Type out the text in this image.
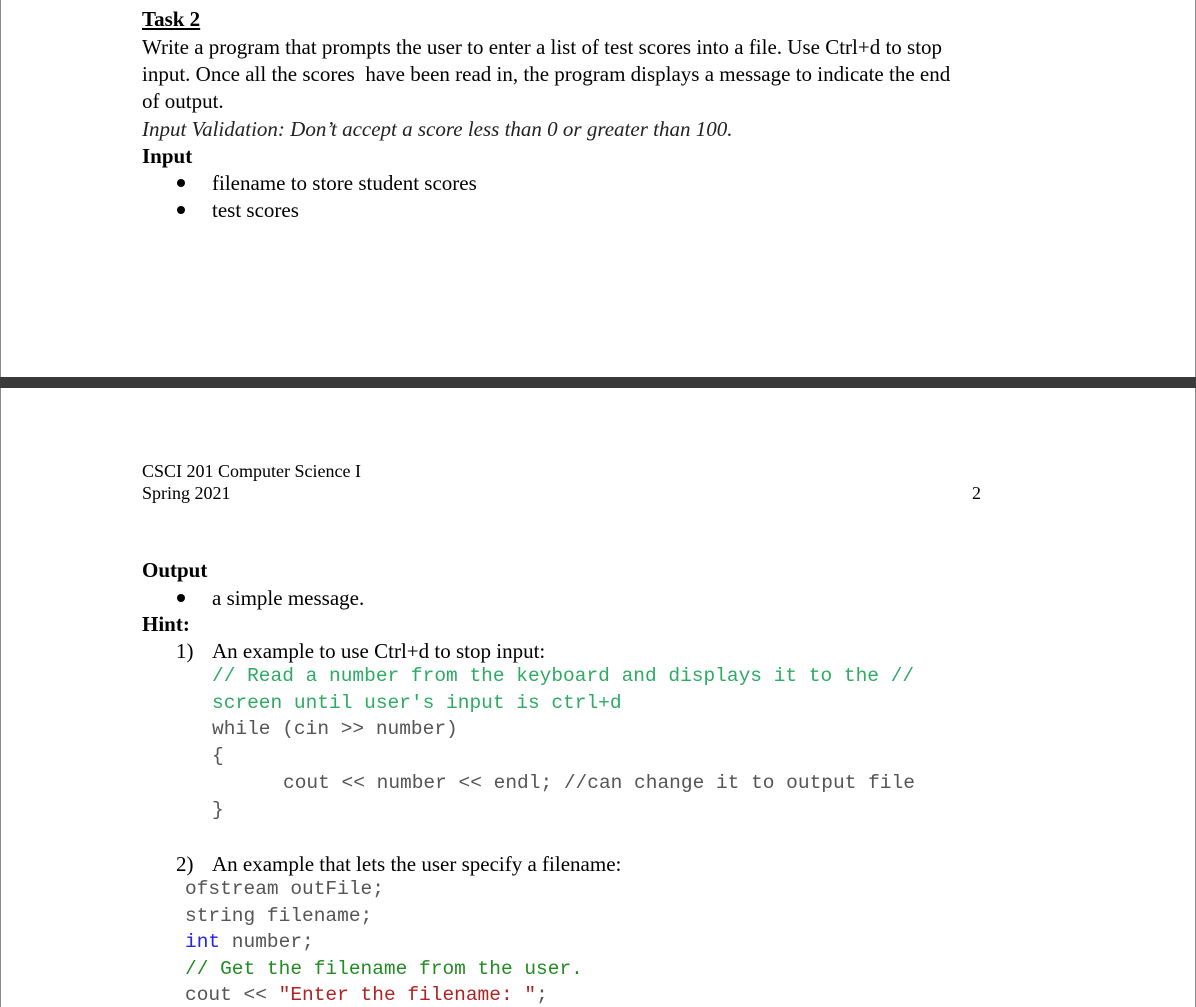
Task 2
Write a program that prompts the user to enter a list of test scores into a file. Use Ctrl+d to stop
input. Once all the scores  have been read in, the program displays a message to indicate the end
of output.
Input Validation: Don’t accept a score less than 0 or greater than 100.
Input
filename to store student scores
test scores
CSCI 201 Computer Science I
Spring 2021	2
Output
a simple message.
Hint:
1) An example to use Ctrl+d to stop input:
// Read a number from the keyboard and displays it to the //
screen until user's input is ctrl+d
while (cin >> number)
{
cout << number << endl; //can change it to output file
}
2) An example that lets the user specify a filename:
ofstream outFile;
string filename;
int number;
// Get the filename from the user.
cout << "Enter the filename: ";
